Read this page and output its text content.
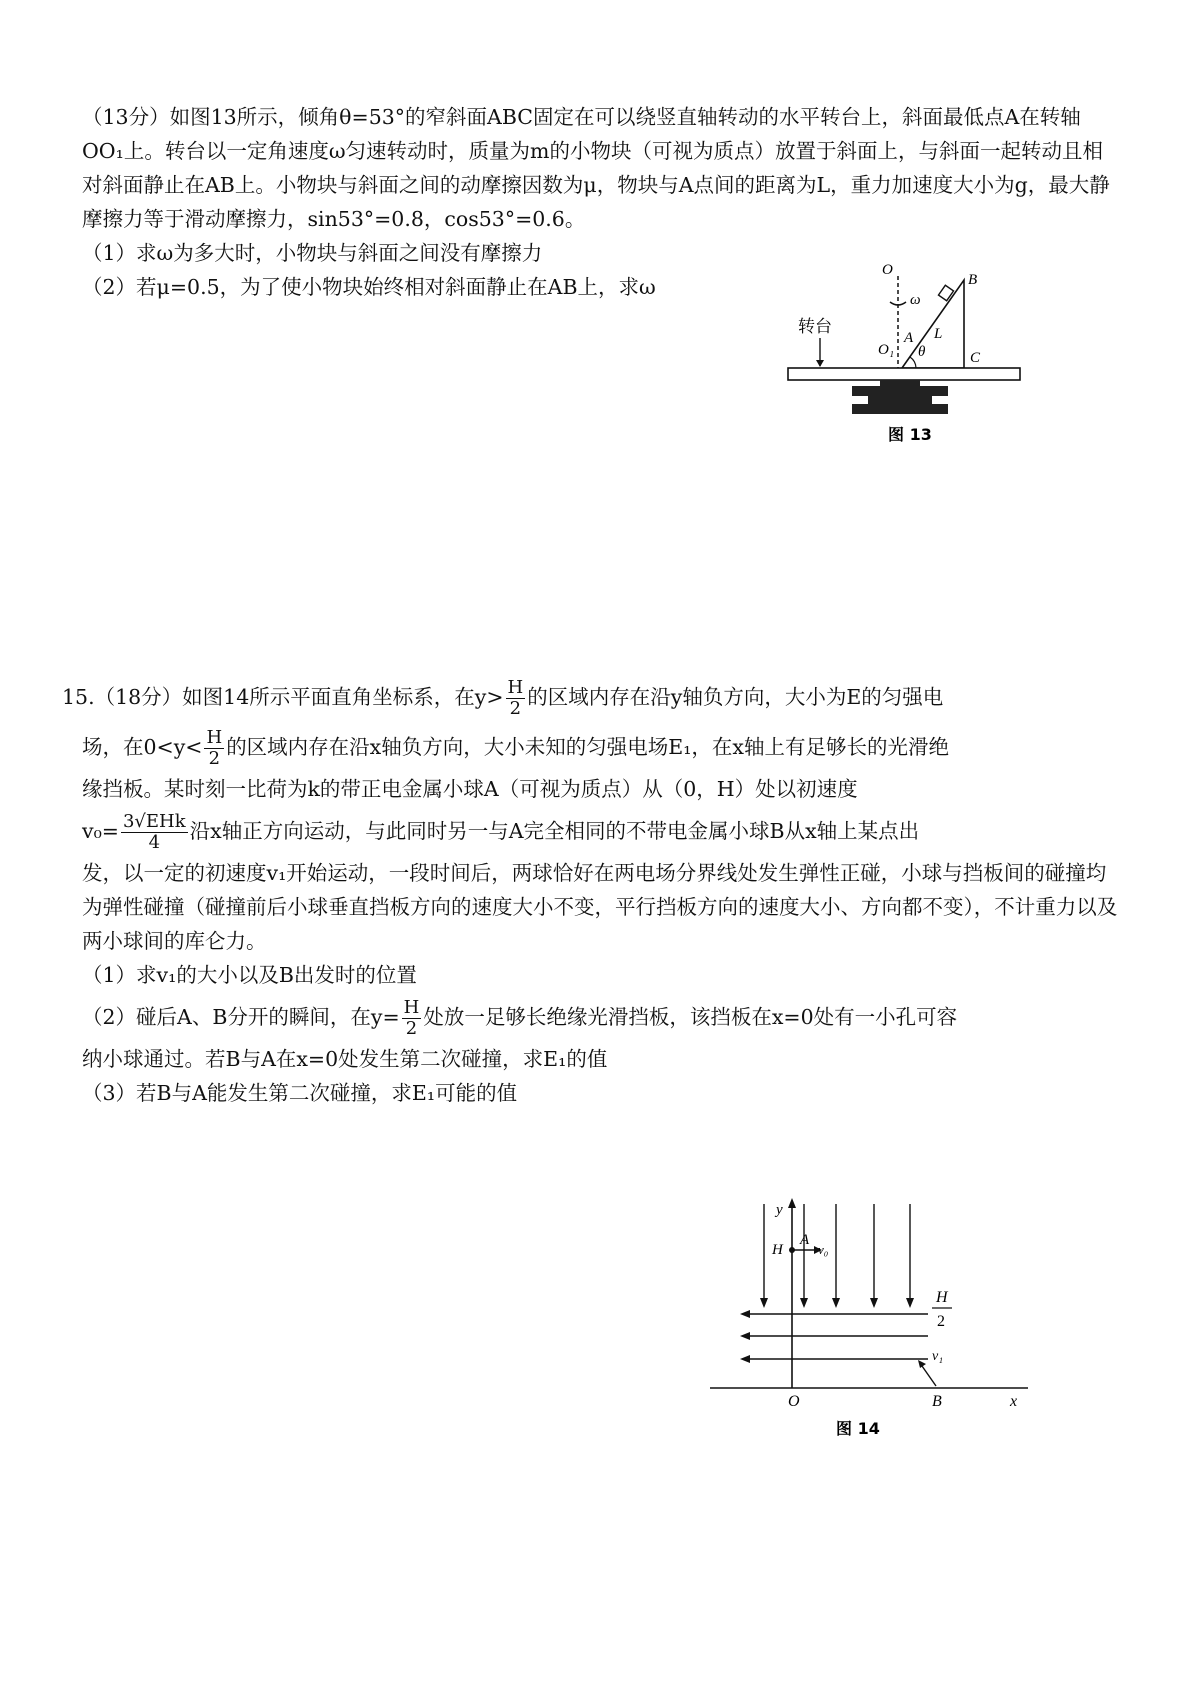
（13分）如图13所示，倾角θ=53°的窄斜面ABC固定在可以绕竖直轴转动的水平转台上，斜面最低点A在转轴OO₁上。转台以一定角速度ω匀速转动时，质量为m的小物块（可视为质点）放置于斜面上，与斜面一起转动且相对斜面静止在AB上。小物块与斜面之间的动摩擦因数为μ，物块与A点间的距离为L，重力加速度大小为g，最大静摩擦力等于滑动摩擦力，sin53°=0.8，cos53°=0.6。

（1）求ω为多大时，小物块与斜面之间没有摩擦力

（2）若μ=0.5，为了使小物块始终相对斜面静止在AB上，求ω

O
ω
B
转台	L
O₁
A
θ	C
图 13

15.（18分）如图14所示平面直角坐标系，在$y> \frac{H}{2}$ 的区域内存在沿y轴负方向，大小为E的匀强电

场，在$0<y< \frac{H}{2}$ 的区域内存在沿x轴负方向，大小未知的匀强电场E₁，在x轴上有足够长的光滑绝

缘挡板。某时刻一比荷为k的带正电金属小球A（可视为质点）从（0，H）处以初速度

$v_0= \frac{\text{3√EHk}}{4}$ 沿x轴正方向运动，与此同时另一与A完全相同的不带电金属小球B从x轴上某点出

发，以一定的初速度v₁开始运动，一段时间后，两球恰好在两电场分界线处发生弹性正碰，小球与挡板间的碰撞均为弹性碰撞（碰撞前后小球垂直挡板方向的速度大小不变，平行挡板方向的速度大小、方向都不变），不计重力以及两小球间的库仑力。

（1）求v₁的大小以及B出发时的位置

（2）碰后A、B分开的瞬间，在$y= \frac{H}{2}$ 处放一足够长绝缘光滑挡板，该挡板在x=0处有一小孔可容

纳小球通过。若B与A在x=0处发生第二次碰撞，求E₁的值

（3）若B与A能发生第二次碰撞，求E₁可能的值

y
H
A
v₀
H
2
v₁
O	B	x
图 14
